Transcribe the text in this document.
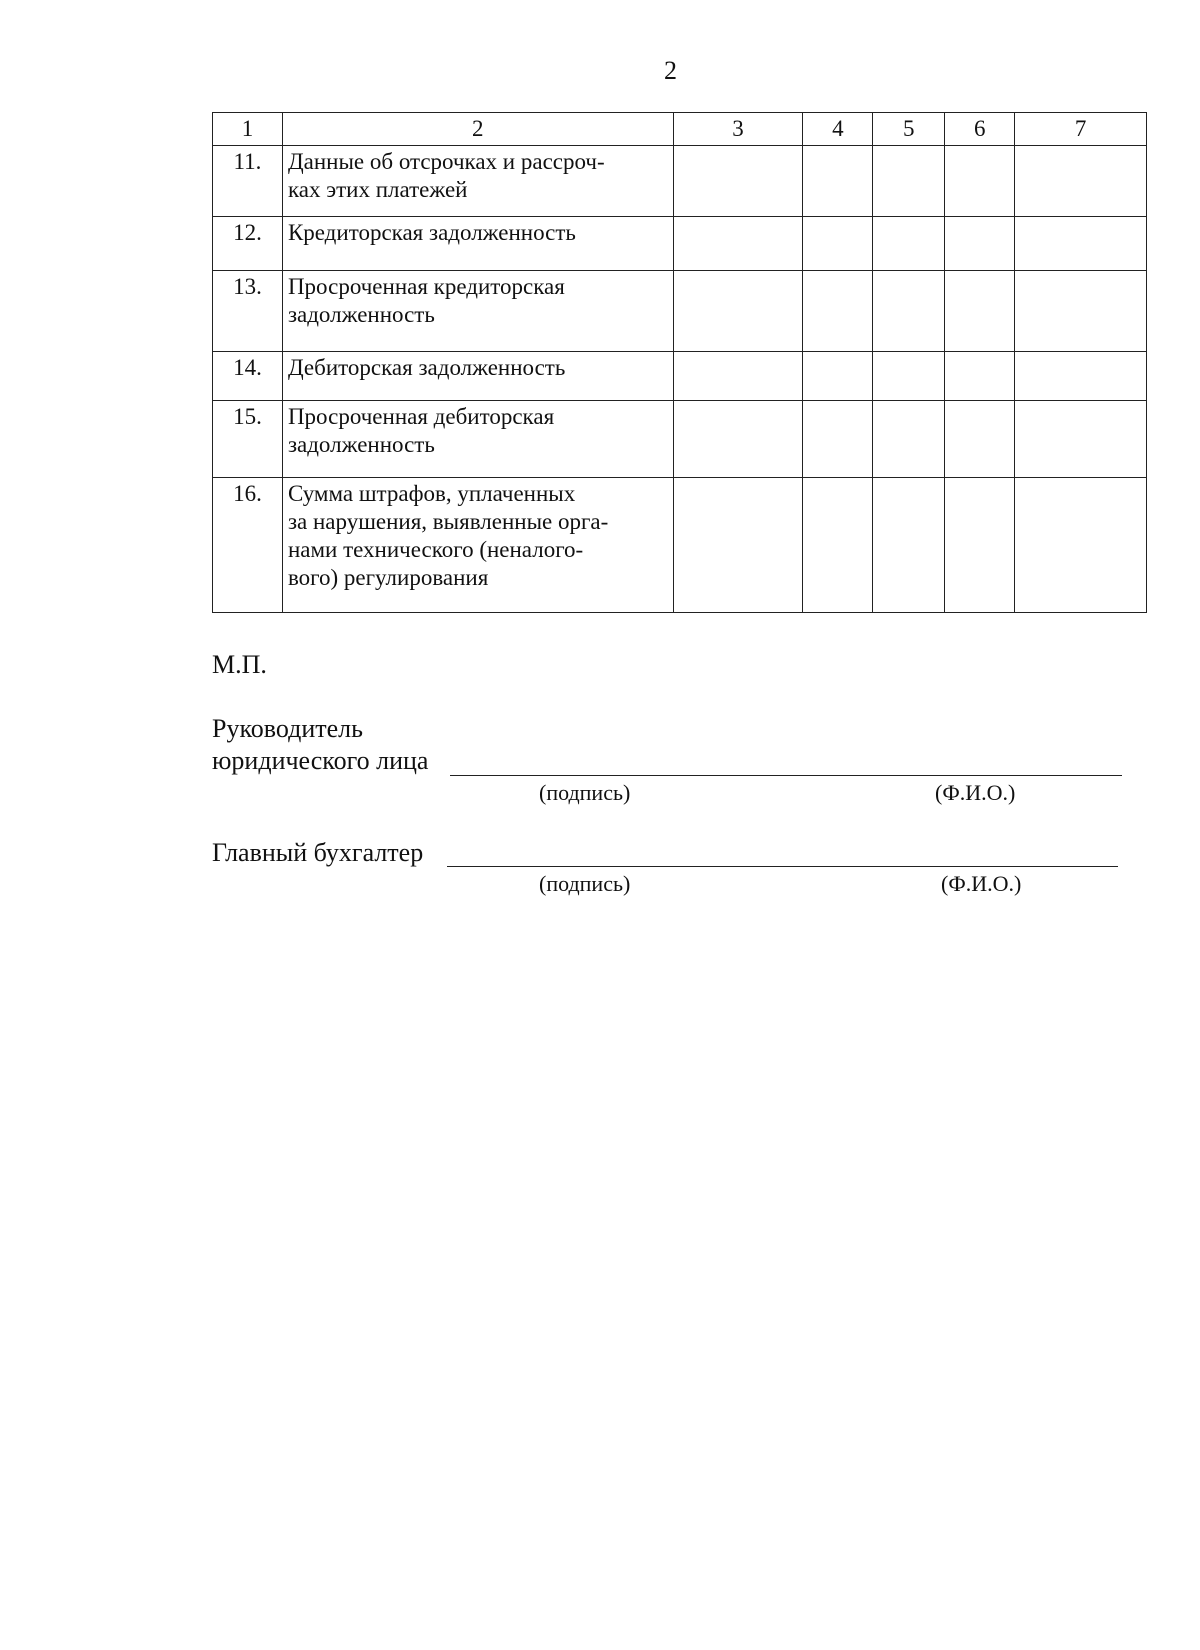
2
1	2	3	4	5	6	7
11.	Данные об отсрочках и рассроч-
ках этих платежей					

12.	Кредиторская задолженность					

13.	Просроченная кредиторская
задолженность					

14.	Дебиторская задолженность					

15.	Просроченная дебиторская
задолженность					

16.	Сумма штрафов, уплаченных
за нарушения, выявленные орга-
нами технического (неналого-
вого) регулирования					

М.П.
Руководитель
юридического лица
(подпись)	(Ф.И.О.)
Главный бухгалтер
(подпись)	(Ф.И.О.)
